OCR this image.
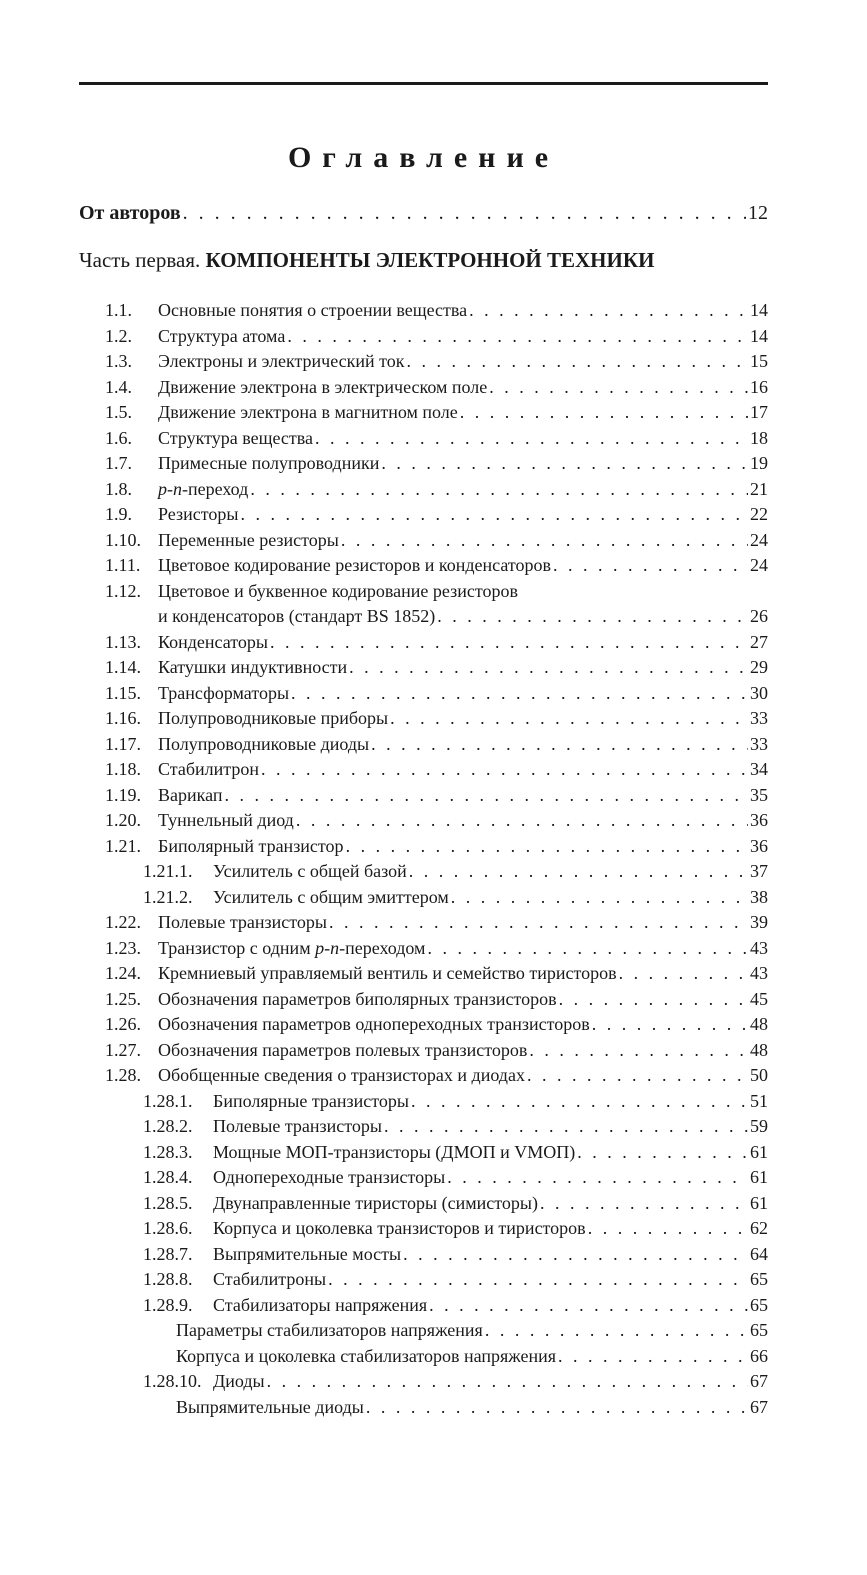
Оглавление
От авторов . . .	12
Часть первая. КОМПОНЕНТЫ ЭЛЕКТРОННОЙ ТЕХНИКИ
1.1.	Основные понятия о строении вещества . . .	14
1.2.	Структура атома . . .	14
1.3.	Электроны и электрический ток . . .	15
1.4.	Движение электрона в электрическом поле . . .	16
1.5.	Движение электрона в магнитном поле . . .	17
1.6.	Структура вещества . . .	18
1.7.	Примесные полупроводники . . .	19
1.8.	p-n-переход . . .	21
1.9.	Резисторы . . .	22
1.10. Переменные резисторы . . .	24
1.11. Цветовое кодирование резисторов и конденсаторов . . .	24
1.12. Цветовое и буквенное кодирование резисторов
и конденсаторов (стандарт BS 1852) . . .	26
1.13. Конденсаторы . . .	27
1.14. Катушки индуктивности . . .	29
1.15. Трансформаторы . . .	30
1.16. Полупроводниковые приборы . . .	33
1.17. Полупроводниковые диоды . . .	33
1.18. Стабилитрон . . .	34
1.19. Варикап . . .	35
1.20. Туннельный диод . . .	36
1.21. Биполярный транзистор . . .	36
1.21.1.	Усилитель с общей базой . . .	37
1.21.2.	Усилитель с общим эмиттером . . .	38
1.22. Полевые транзисторы . . .	39
1.23. Транзистор с одним p-n-переходом . . .	43
1.24. Кремниевый управляемый вентиль и семейство тиристоров . . .	43
1.25. Обозначения параметров биполярных транзисторов . . .	45
1.26. Обозначения параметров однопереходных транзисторов . . .	48
1.27. Обозначения параметров полевых транзисторов . . .	48
1.28. Обобщенные сведения о транзисторах и диодах . . .	50
1.28.1.	Биполярные транзисторы . . .	51
1.28.2.	Полевые транзисторы . . .	59
1.28.3.	Мощные МОП-транзисторы (ДМОП и VМОП) . . .	61
1.28.4.	Однопереходные транзисторы . . .	61
1.28.5.	Двунаправленные тиристоры (симисторы) . . .	61
1.28.6.	Корпуса и цоколевка транзисторов и тиристоров . . .	62
1.28.7.	Выпрямительные мосты . . .	64
1.28.8.	Стабилитроны . . .	65
1.28.9.	Стабилизаторы напряжения . . .	65
Параметры стабилизаторов напряжения . . .	65
Корпуса и цоколевка стабилизаторов напряжения . . .	66
1.28.10. Диоды . . .	67
Выпрямительные диоды . . .	67
